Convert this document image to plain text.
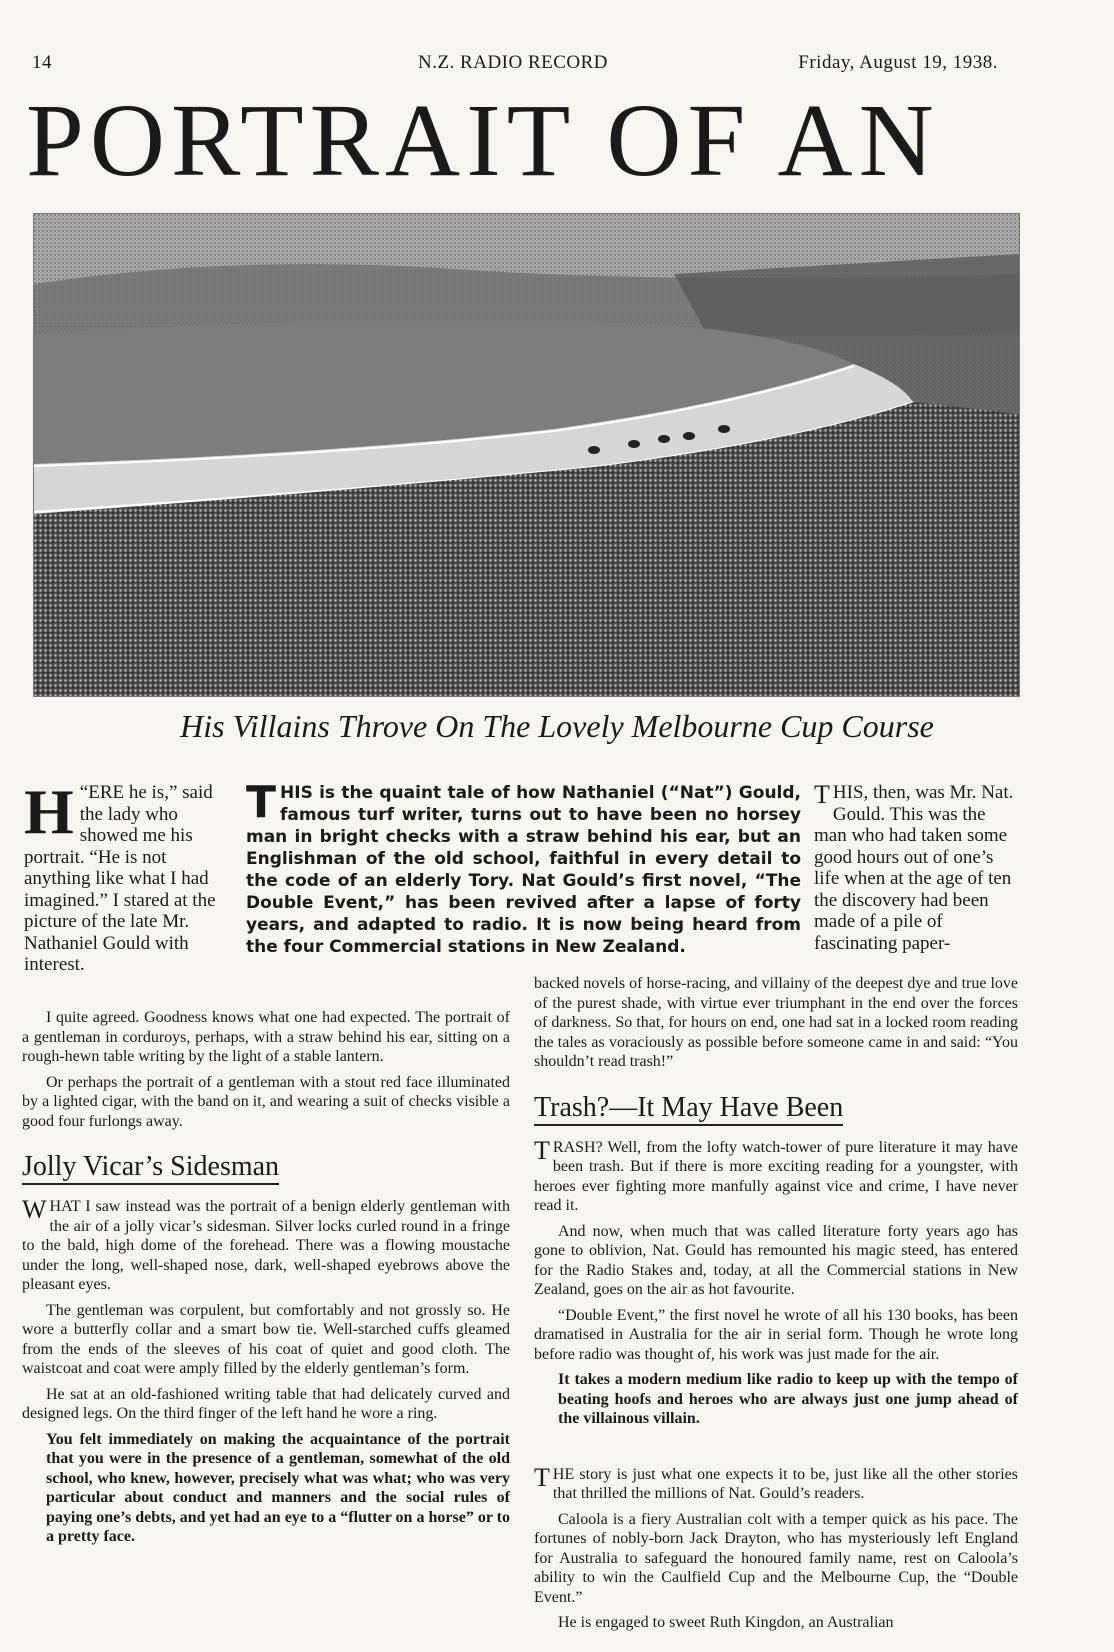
14	N.Z. RADIO RECORD	Friday, August 19, 1938.
PORTRAIT OF AN
His Villains Throve On The Lovely Melbourne Cup Course
H “ERE he is,” said the lady who showed me his portrait. “He is not anything like what I had imagined.” I stared at the picture of the late Mr. Nathaniel Gould with interest.
T HIS is the quaint tale of how Nathaniel (“Nat”) Gould, famous turf writer, turns out to have been no horsey man in bright checks with a straw behind his ear, but an Englishman of the old school, faithful in every detail to the code of an elderly Tory. Nat Gould’s first novel, “The Double Event,” has been revived after a lapse of forty years, and adapted to radio. It is now being heard from the four Commercial stations in New Zealand.
T HIS, then, was Mr. Nat. Gould. This was the man who had taken some good hours out of one’s life when at the age of ten the discovery had been made of a pile of fascinating paper-

I quite agreed. Goodness knows what one had expected. The portrait of a gentleman in corduroys, perhaps, with a straw behind his ear, sitting on a rough-hewn table writing by the light of a stable lantern.

Or perhaps the portrait of a gentleman with a stout red face illuminated by a lighted cigar, with the band on it, and wearing a suit of checks visible a good four furlongs away.

Jolly Vicar’s Sidesman

WHAT I saw instead was the portrait of a benign elderly gentleman with the air of a jolly vicar’s sidesman. Silver locks curled round in a fringe to the bald, high dome of the forehead. There was a flowing moustache under the long, well-shaped nose, dark, well-shaped eyebrows above the pleasant eyes.

The gentleman was corpulent, but comfortably and not grossly so. He wore a butterfly collar and a smart bow tie. Well-starched cuffs gleamed from the ends of the sleeves of his coat of quiet and good cloth. The waistcoat and coat were amply filled by the elderly gentleman’s form.

He sat at an old-fashioned writing table that had delicately curved and designed legs. On the third finger of the left hand he wore a ring.

You felt immediately on making the acquaintance of the portrait that you were in the presence of a gentleman, somewhat of the old school, who knew, however, precisely what was what; who was very particular about conduct and manners and the social rules of paying one’s debts, and yet had an eye to a “flutter on a horse” or to a pretty face.

backed novels of horse-racing, and villainy of the deepest dye and true love of the purest shade, with virtue ever triumphant in the end over the forces of darkness. So that, for hours on end, one had sat in a locked room reading the tales as voraciously as possible before someone came in and said: “You shouldn’t read trash!”

Trash?—It May Have Been

TRASH? Well, from the lofty watch-tower of pure literature it may have been trash. But if there is more exciting reading for a youngster, with heroes ever fighting more manfully against vice and crime, I have never read it.

And now, when much that was called literature forty years ago has gone to oblivion, Nat. Gould has remounted his magic steed, has entered for the Radio Stakes and, today, at all the Commercial stations in New Zealand, goes on the air as hot favourite.

“Double Event,” the first novel he wrote of all his 130 books, has been dramatised in Australia for the air in serial form. Though he wrote long before radio was thought of, his work was just made for the air.

It takes a modern medium like radio to keep up with the tempo of beating hoofs and heroes who are always just one jump ahead of the villainous villain.

THE story is just what one expects it to be, just like all the other stories that thrilled the millions of Nat. Gould’s readers.

Caloola is a fiery Australian colt with a temper quick as his pace. The fortunes of nobly-born Jack Drayton, who has mysteriously left England for Australia to safeguard the honoured family name, rest on Caloola’s ability to win the Caulfield Cup and the Melbourne Cup, the “Double Event.”

He is engaged to sweet Ruth Kingdon, an Australian
